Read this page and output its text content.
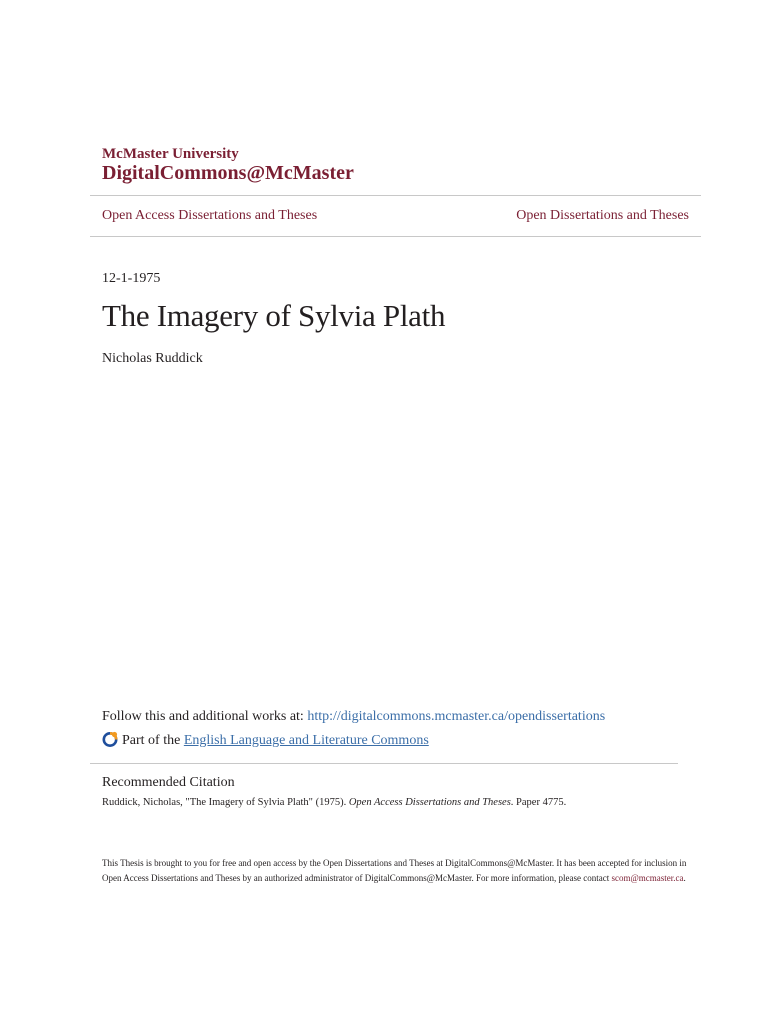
McMaster University
DigitalCommons@McMaster
Open Access Dissertations and Theses	Open Dissertations and Theses
12-1-1975
The Imagery of Sylvia Plath
Nicholas Ruddick
Follow this and additional works at: http://digitalcommons.mcmaster.ca/opendissertations
Part of the English Language and Literature Commons
Recommended Citation
Ruddick, Nicholas, "The Imagery of Sylvia Plath" (1975). Open Access Dissertations and Theses. Paper 4775.
This Thesis is brought to you for free and open access by the Open Dissertations and Theses at DigitalCommons@McMaster. It has been accepted for inclusion in Open Access Dissertations and Theses by an authorized administrator of DigitalCommons@McMaster. For more information, please contact scom@mcmaster.ca.
